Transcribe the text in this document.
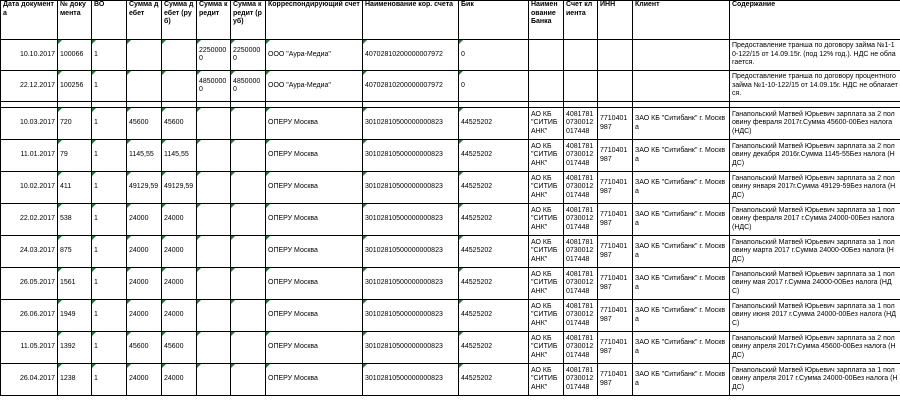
Дата документа	№ документа	ВО	Сумма дебет	Сумма дебет (руб)	Сумма кредит	Сумма кредит (руб)	Корреспондирующий счет	Наименование кор. счета	Бик	Наименование Банка	Счет клиента	ИНН	Клиент	Содержание
10.10.2017	100066	1			22500000	22500000	ООО "Аура-Медиа"	40702810200000007972	0					Предоставление транша по договору займа №1-10-122/15 от 14.09.15г. (под 12% год.). НДС не облагается.
22.12.2017	100256	1			48500000	48500000	ООО "Аура-Медиа"	40702810200000007972	0					Предоставление транша по договору процентного займа №1-10-122/15 от 14.09.15г. НДС не облагается.

10.03.2017	720	1	45600	45600			ОПЕРУ Москва	30102810500000000823	44525202	АО КБ "СИТИБАНК"	40817810730012017448	7710401987	ЗАО КБ "Ситибанк" г. Москва	Ганапольский Матвей Юрьевич зарплата за 2 половину февраля 2017г.Сумма 45600-00Без налога (НДС)
11.01.2017	79	1	1145,55	1145,55			ОПЕРУ Москва	30102810500000000823	44525202	АО КБ "СИТИБАНК"	40817810730012017448	7710401987	ЗАО КБ "Ситибанк" г. Москва	Ганапольский Матвей Юрьевич зарплата за 2 половину декабря 2016г.Сумма 1145-55Без налога (НДС)
10.02.2017	411	1	49129,59	49129,59			ОПЕРУ Москва	30102810500000000823	44525202	АО КБ "СИТИБАНК"	40817810730012017448	7710401987	ЗАО КБ "Ситибанк" г. Москва	Ганапольский Матвей Юрьевич зарплата за 2 половину января 2017г.Сумма 49129-59Без налога (НДС)
22.02.2017	538	1	24000	24000			ОПЕРУ Москва	30102810500000000823	44525202	АО КБ "СИТИБАНК"	40817810730012017448	7710401987	ЗАО КБ "Ситибанк" г. Москва	Ганапольский Матвей Юрьевич зарплата за 1 половину февраля 2017 г.Сумма 24000-00Без налога (НДС)
24.03.2017	875	1	24000	24000			ОПЕРУ Москва	30102810500000000823	44525202	АО КБ "СИТИБАНК"	40817810730012017448	7710401987	ЗАО КБ "Ситибанк" г. Москва	Ганапольский Матвей Юрьевич зарплата за 1 половину марта 2017 г.Сумма 24000-00Без налога (НДС)
26.05.2017	1561	1	24000	24000			ОПЕРУ Москва	30102810500000000823	44525202	АО КБ "СИТИБАНК"	40817810730012017448	7710401987	ЗАО КБ "Ситибанк" г. Москва	Ганапольский Матвей Юрьевич зарплата за 1 половину мая 2017 г.Сумма 24000-00Без налога (НДС)
26.06.2017	1949	1	24000	24000			ОПЕРУ Москва	30102810500000000823	44525202	АО КБ "СИТИБАНК"	40817810730012017448	7710401987	ЗАО КБ "Ситибанк" г. Москва	Ганапольский Матвей Юрьевич зарплата за 1 половину июня 2017 г.Сумма 24000-00Без налога (НДС)
11.05.2017	1392	1	45600	45600			ОПЕРУ Москва	30102810500000000823	44525202	АО КБ "СИТИБАНК"	40817810730012017448	7710401987	ЗАО КБ "Ситибанк" г. Москва	Ганапольский Матвей Юрьевич зарплата за 2 половину апреля 2017г.Сумма 45600-00Без налога (НДС)
26.04.2017	1238	1	24000	24000			ОПЕРУ Москва	30102810500000000823	44525202	АО КБ "СИТИБАНК"	40817810730012017448	7710401987	ЗАО КБ "Ситибанк" г. Москва	Ганапольский Матвей Юрьевич зарплата за 1 половину апреля 2017 г.Сумма 24000-00Без налога (НДС)
